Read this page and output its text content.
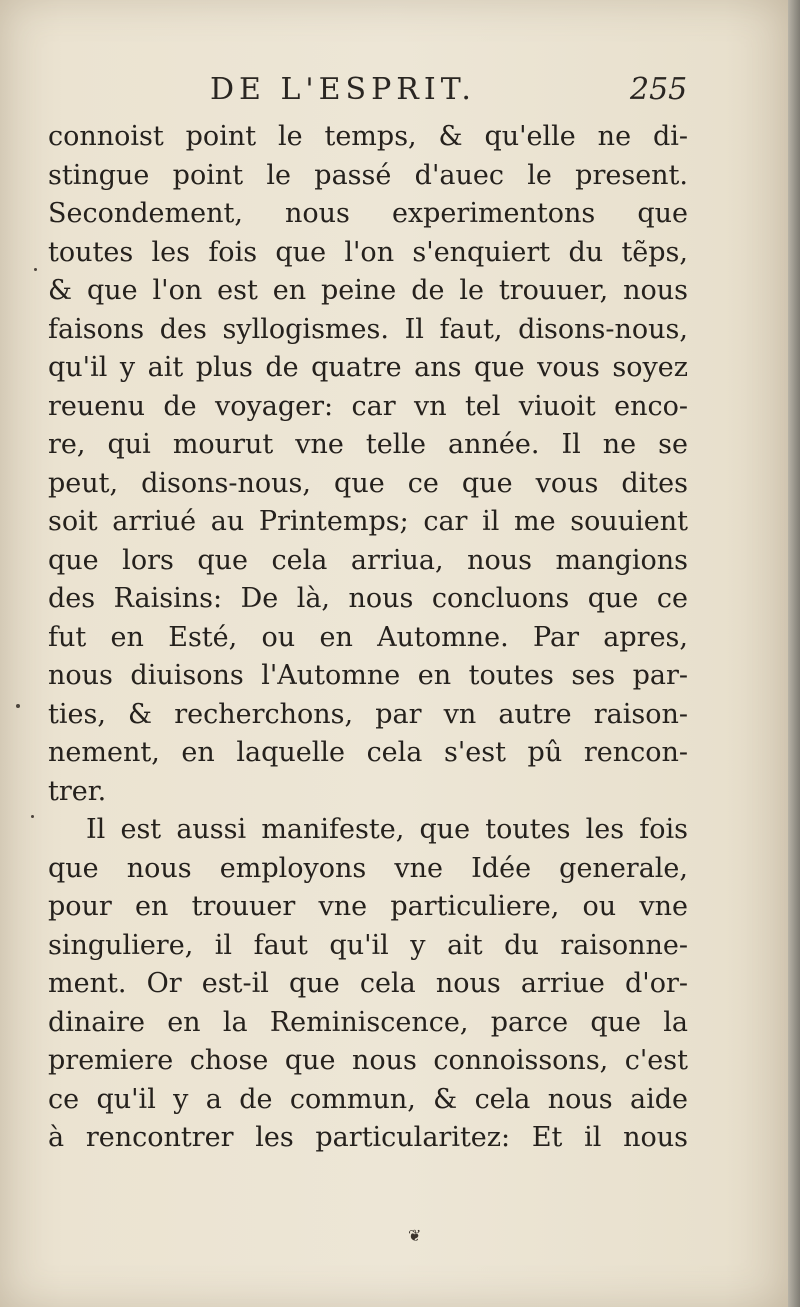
DE L'ESPRIT.	255
connoist point le temps, & qu'elle ne di-
stingue point le passé d'auec le present.
Secondement, nous experimentons que
toutes les fois que l'on s'enquiert du tẽps,
& que l'on est en peine de le trouuer, nous
faisons des syllogismes. Il faut, disons-nous,
qu'il y ait plus de quatre ans que vous soyez
reuenu de voyager: car vn tel viuoit enco-
re, qui mourut vne telle année. Il ne se
peut, disons-nous, que ce que vous dites
soit arriué au Printemps; car il me souuient
que lors que cela arriua, nous mangions
des Raisins: De là, nous concluons que ce
fut en Esté, ou en Automne. Par apres,
nous diuisons l'Automne en toutes ses par-
ties, & recherchons, par vn autre raison-
nement, en laquelle cela s'est pû rencon-
trer.
Il est aussi manifeste, que toutes les fois
que nous employons vne Idée generale,
pour en trouuer vne particuliere, ou vne
singuliere, il faut qu'il y ait du raisonne-
ment. Or est-il que cela nous arriue d'or-
dinaire en la Reminiscence, parce que la
premiere chose que nous connoissons, c'est
ce qu'il y a de commun, & cela nous aide
à rencontrer les particularitez: Et il nous
❦
